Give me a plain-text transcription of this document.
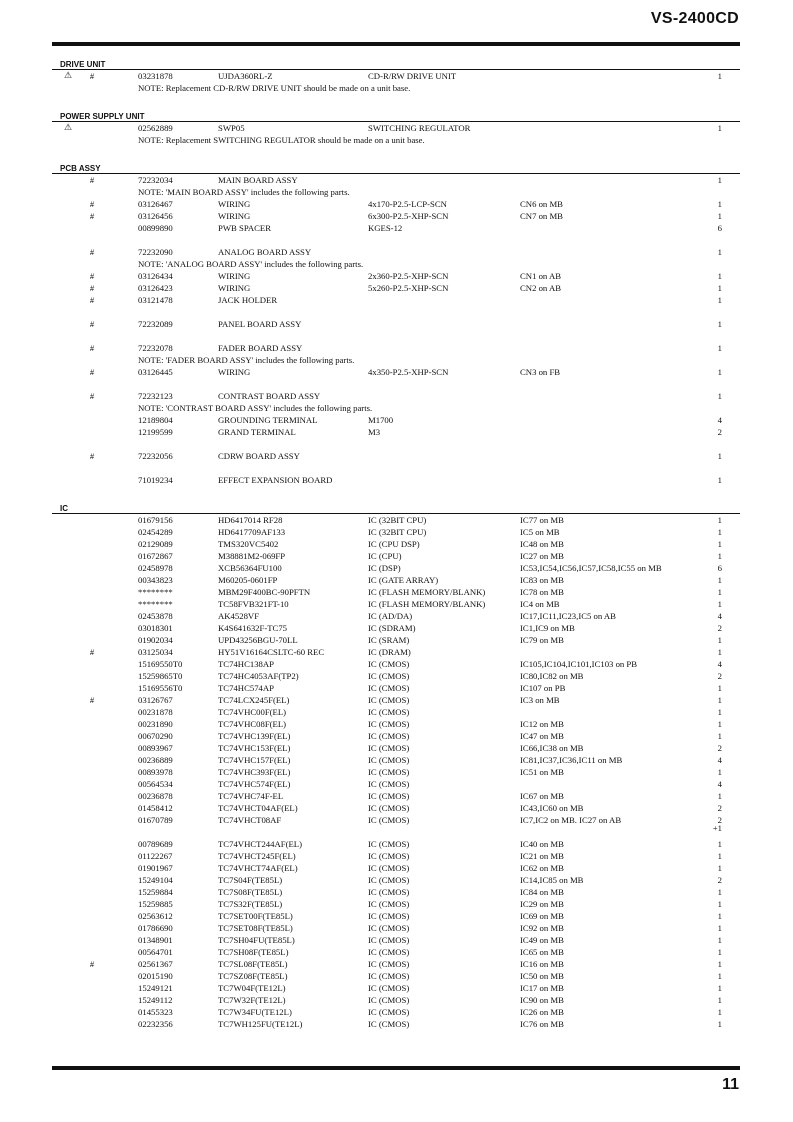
VS-2400CD
DRIVE UNIT
⚠	#	03231878	UJDA360RL-Z	CD-R/RW DRIVE UNIT	1
NOTE: Replacement CD-R/RW DRIVE UNIT should be made on a unit base.
POWER SUPPLY UNIT
⚠	02562889	SWP05	SWITCHING REGULATOR	1
NOTE: Replacement SWITCHING REGULATOR should be made on a unit base.
PCB ASSY
#	72232034	MAIN BOARD ASSY	1
NOTE: 'MAIN BOARD ASSY' includes the following parts.
#	03126467	WIRING	4x170-P2.5-LCP-SCN	CN6 on MB	1
#	03126456	WIRING	6x300-P2.5-XHP-SCN	CN7 on MB	1
00899890	PWB SPACER	KGES-12	6
#	72232090	ANALOG BOARD ASSY	1
NOTE: 'ANALOG BOARD ASSY' includes the following parts.
#	03126434	WIRING	2x360-P2.5-XHP-SCN	CN1 on AB	1
#	03126423	WIRING	5x260-P2.5-XHP-SCN	CN2 on AB	1
#	03121478	JACK HOLDER	1
#	72232089	PANEL BOARD ASSY	1
#	72232078	FADER BOARD ASSY	1
NOTE: 'FADER BOARD ASSY' includes the following parts.
#	03126445	WIRING	4x350-P2.5-XHP-SCN	CN3 on FB	1
#	72232123	CONTRAST BOARD ASSY	1
NOTE: 'CONTRAST BOARD ASSY' includes the following parts.
12189804	GROUNDING TERMINAL	M1700	4
12199599	GRAND TERMINAL	M3	2
#	72232056	CDRW BOARD ASSY	1
71019234	EFFECT EXPANSION BOARD	1
IC
01679156	HD6417014 RF28	IC (32BIT CPU)	IC77 on MB	1
02454289	HD6417709AF133	IC (32BIT CPU)	IC5 on MB	1
02129089	TMS320VC5402	IC (CPU DSP)	IC48 on MB	1
01672867	M38881M2-069FP	IC (CPU)	IC27 on MB	1
02458978	XCB56364FU100	IC (DSP)	IC53,IC54,IC56,IC57,IC58,IC55 on MB	6
00343823	M60205-0601FP	IC (GATE ARRAY)	IC83 on MB	1
********	MBM29F400BC-90PFTN	IC (FLASH MEMORY/BLANK)	IC78 on MB	1
********	TC58FVB321FT-10	IC (FLASH MEMORY/BLANK)	IC4 on MB	1
02453878	AK4528VF	IC (AD/DA)	IC17,IC11,IC23,IC5 on AB	4
03018301	K4S641632F-TC75	IC (SDRAM)	IC1,IC9 on MB	2
01902034	UPD43256BGU-70LL	IC (SRAM)	IC79 on MB	1
#	03125034	HY51V16164CSLTC-60 REC	IC (DRAM)	1
15169550T0	TC74HC138AP	IC (CMOS)	IC105,IC104,IC101,IC103 on PB	4
15259865T0	TC74HC4053AF(TP2)	IC (CMOS)	IC80,IC82 on MB	2
15169556T0	TC74HC574AP	IC (CMOS)	IC107 on PB	1
#	03126767	TC74LCX245F(EL)	IC (CMOS)	IC3 on MB	1
00231878	TC74VHC00F(EL)	IC (CMOS)	1
00231890	TC74VHC08F(EL)	IC (CMOS)	IC12 on MB	1
00670290	TC74VHC139F(EL)	IC (CMOS)	IC47 on MB	1
00893967	TC74VHC153F(EL)	IC (CMOS)	IC66,IC38 on MB	2
00236889	TC74VHC157F(EL)	IC (CMOS)	IC81,IC37,IC36,IC11 on MB	4
00893978	TC74VHC393F(EL)	IC (CMOS)	IC51 on MB	1
00564534	TC74VHC574F(EL)	IC (CMOS)	4
00236878	TC74VHC74F-EL	IC (CMOS)	IC67 on MB	1
01458412	TC74VHCT04AF(EL)	IC (CMOS)	IC43,IC60 on MB	2
01670789	TC74VHCT08AF	IC (CMOS)	IC7,IC2 on MB. IC27 on AB	2
+1
00789689	TC74VHCT244AF(EL)	IC (CMOS)	IC40 on MB	1
01122267	TC74VHCT245F(EL)	IC (CMOS)	IC21 on MB	1
01901967	TC74VHCT74AF(EL)	IC (CMOS)	IC62 on MB	1
15249104	TC7S04F(TE85L)	IC (CMOS)	IC14,IC85 on MB	2
15259884	TC7S08F(TE85L)	IC (CMOS)	IC84 on MB	1
15259885	TC7S32F(TE85L)	IC (CMOS)	IC29 on MB	1
02563612	TC7SET00F(TE85L)	IC (CMOS)	IC69 on MB	1
01786690	TC7SET08F(TE85L)	IC (CMOS)	IC92 on MB	1
01348901	TC7SH04FU(TE85L)	IC (CMOS)	IC49 on MB	1
00564701	TC7SH08F(TE85L)	IC (CMOS)	IC65 on MB	1
#	02561367	TC7SL08F(TE85L)	IC (CMOS)	IC16 on MB	1
02015190	TC7SZ08F(TE85L)	IC (CMOS)	IC50 on MB	1
15249121	TC7W04F(TE12L)	IC (CMOS)	IC17 on MB	1
15249112	TC7W32F(TE12L)	IC (CMOS)	IC90 on MB	1
01455323	TC7W34FU(TE12L)	IC (CMOS)	IC26 on MB	1
02232356	TC7WH125FU(TE12L)	IC (CMOS)	IC76 on MB	1
11
